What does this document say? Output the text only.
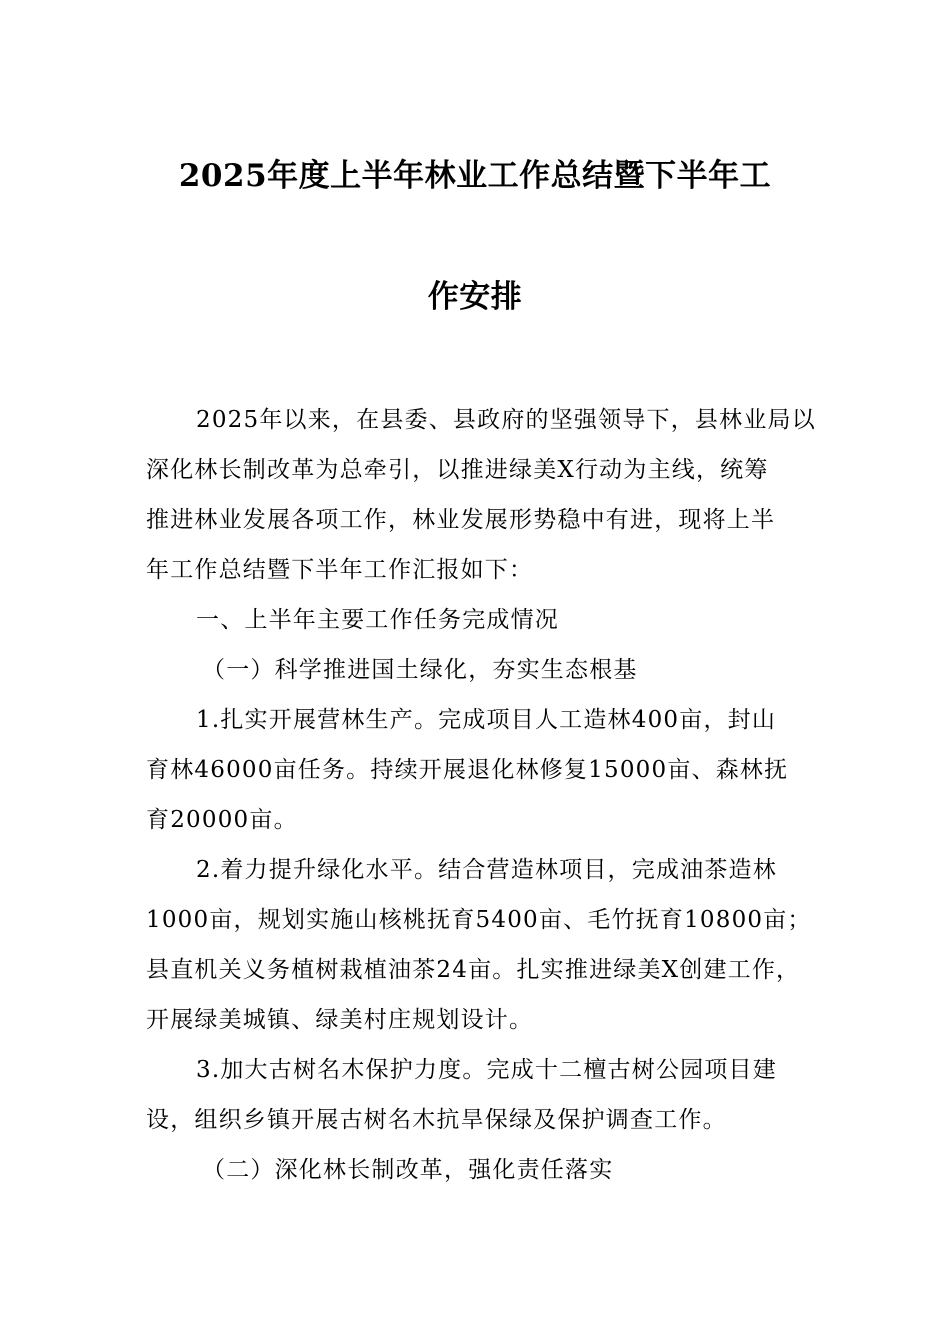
2025年度上半年林业工作总结暨下半年工
作安排
2025年以来，在县委、县政府的坚强领导下，县林业局以
深化林长制改革为总牵引，以推进绿美X行动为主线，统筹
推进林业发展各项工作，林业发展形势稳中有进，现将上半
年工作总结暨下半年工作汇报如下：
一、上半年主要工作任务完成情况
（一）科学推进国土绿化，夯实生态根基
1.扎实开展营林生产。完成项目人工造林400亩，封山
育林46000亩任务。持续开展退化林修复15000亩、森林抚
育20000亩。
2.着力提升绿化水平。结合营造林项目，完成油茶造林
1000亩，规划实施山核桃抚育5400亩、毛竹抚育10800亩；
县直机关义务植树栽植油茶24亩。扎实推进绿美X创建工作，
开展绿美城镇、绿美村庄规划设计。
3.加大古树名木保护力度。完成十二檀古树公园项目建
设，组织乡镇开展古树名木抗旱保绿及保护调查工作。
（二）深化林长制改革，强化责任落实
